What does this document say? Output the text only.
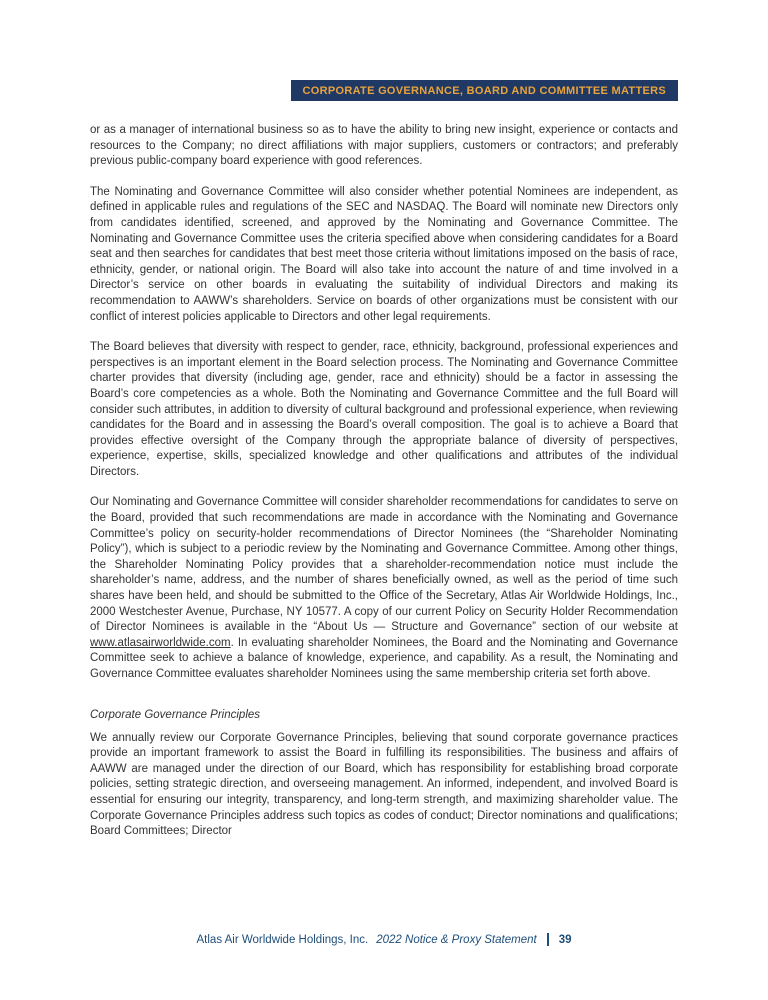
CORPORATE GOVERNANCE, BOARD AND COMMITTEE MATTERS

or as a manager of international business so as to have the ability to bring new insight, experience or contacts and resources to the Company; no direct affiliations with major suppliers, customers or contractors; and preferably previous public-company board experience with good references.

The Nominating and Governance Committee will also consider whether potential Nominees are independent, as defined in applicable rules and regulations of the SEC and NASDAQ. The Board will nominate new Directors only from candidates identified, screened, and approved by the Nominating and Governance Committee. The Nominating and Governance Committee uses the criteria specified above when considering candidates for a Board seat and then searches for candidates that best meet those criteria without limitations imposed on the basis of race, ethnicity, gender, or national origin. The Board will also take into account the nature of and time involved in a Director’s service on other boards in evaluating the suitability of individual Directors and making its recommendation to AAWW’s shareholders. Service on boards of other organizations must be consistent with our conflict of interest policies applicable to Directors and other legal requirements.

The Board believes that diversity with respect to gender, race, ethnicity, background, professional experiences and perspectives is an important element in the Board selection process. The Nominating and Governance Committee charter provides that diversity (including age, gender, race and ethnicity) should be a factor in assessing the Board’s core competencies as a whole. Both the Nominating and Governance Committee and the full Board will consider such attributes, in addition to diversity of cultural background and professional experience, when reviewing candidates for the Board and in assessing the Board’s overall composition. The goal is to achieve a Board that provides effective oversight of the Company through the appropriate balance of diversity of perspectives, experience, expertise, skills, specialized knowledge and other qualifications and attributes of the individual Directors.

Our Nominating and Governance Committee will consider shareholder recommendations for candidates to serve on the Board, provided that such recommendations are made in accordance with the Nominating and Governance Committee’s policy on security-holder recommendations of Director Nominees (the “Shareholder Nominating Policy”), which is subject to a periodic review by the Nominating and Governance Committee. Among other things, the Shareholder Nominating Policy provides that a shareholder-recommendation notice must include the shareholder’s name, address, and the number of shares beneficially owned, as well as the period of time such shares have been held, and should be submitted to the Office of the Secretary, Atlas Air Worldwide Holdings, Inc., 2000 Westchester Avenue, Purchase, NY 10577. A copy of our current Policy on Security Holder Recommendation of Director Nominees is available in the “About Us — Structure and Governance” section of our website at www.atlasairworldwide.com. In evaluating shareholder Nominees, the Board and the Nominating and Governance Committee seek to achieve a balance of knowledge, experience, and capability. As a result, the Nominating and Governance Committee evaluates shareholder Nominees using the same membership criteria set forth above.

Corporate Governance Principles

We annually review our Corporate Governance Principles, believing that sound corporate governance practices provide an important framework to assist the Board in fulfilling its responsibilities. The business and affairs of AAWW are managed under the direction of our Board, which has responsibility for establishing broad corporate policies, setting strategic direction, and overseeing management. An informed, independent, and involved Board is essential for ensuring our integrity, transparency, and long-term strength, and maximizing shareholder value. The Corporate Governance Principles address such topics as codes of conduct; Director nominations and qualifications; Board Committees; Director

Atlas Air Worldwide Holdings, Inc. 2022 Notice & Proxy Statement 39
